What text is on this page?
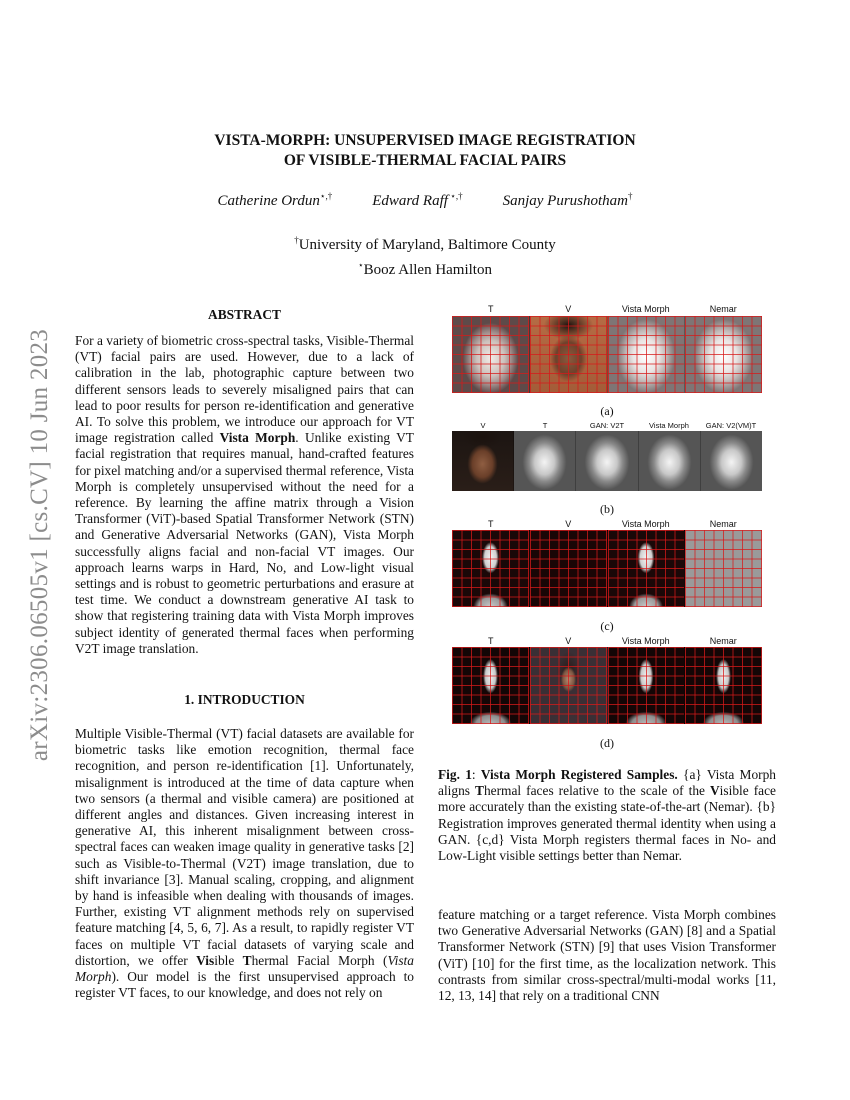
arXiv:2306.06505v1 [cs.CV] 10 Jun 2023
VISTA-MORPH: UNSUPERVISED IMAGE REGISTRATION
OF VISIBLE-THERMAL FACIAL PAIRS
Catherine Ordun⋆,†	Edward Raff ⋆,†	Sanjay Purushotham†
†University of Maryland, Baltimore County
⋆Booz Allen Hamilton
ABSTRACT

For a variety of biometric cross-spectral tasks, Visible-Thermal (VT) facial pairs are used. However, due to a lack of calibration in the lab, photographic capture between two different sensors leads to severely misaligned pairs that can lead to poor results for person re-identification and generative AI. To solve this problem, we introduce our approach for VT image registration called Vista Morph. Unlike existing VT facial registration that requires manual, hand-crafted features for pixel matching and/or a supervised thermal reference, Vista Morph is completely unsupervised without the need for a reference. By learning the affine matrix through a Vision Transformer (ViT)-based Spatial Transformer Network (STN) and Generative Adversarial Networks (GAN), Vista Morph successfully aligns facial and non-facial VT images. Our approach learns warps in Hard, No, and Low-light visual settings and is robust to geometric perturbations and erasure at test time. We conduct a downstream generative AI task to show that registering training data with Vista Morph improves subject identity of generated thermal faces when performing V2T image translation.

1. INTRODUCTION

Multiple Visible-Thermal (VT) facial datasets are available for biometric tasks like emotion recognition, thermal face recognition, and person re-identification [1]. Unfortunately, misalignment is introduced at the time of data capture when two sensors (a thermal and visible camera) are positioned at different angles and distances. Given increasing interest in generative AI, this inherent misalignment between cross-spectral faces can weaken image quality in generative tasks [2] such as Visible-to-Thermal (V2T) image translation, due to shift invariance [3]. Manual scaling, cropping, and alignment by hand is infeasible when dealing with thousands of images. Further, existing VT alignment methods rely on supervised feature matching [4, 5, 6, 7]. As a result, to rapidly register VT faces on multiple VT facial datasets of varying scale and distortion, we offer Visible Thermal Facial Morph (Vista Morph). Our model is the first unsupervised approach to register VT faces, to our knowledge, and does not rely on

T	V	Vista Morph	Nemar
(a)
V	T	GAN: V2T	Vista Morph	GAN: V2(VM)T
(b)
T	V	Vista Morph	Nemar
(c)
T	V	Vista Morph	Nemar
(d)

Fig. 1: Vista Morph Registered Samples. {a} Vista Morph aligns Thermal faces relative to the scale of the Visible face more accurately than the existing state-of-the-art (Nemar). {b} Registration improves generated thermal identity when using a GAN. {c,d} Vista Morph registers thermal faces in No- and Low-Light visible settings better than Nemar.

feature matching or a target reference. Vista Morph combines two Generative Adversarial Networks (GAN) [8] and a Spatial Transformer Network (STN) [9] that uses Vision Transformer (ViT) [10] for the first time, as the localization network. This contrasts from similar cross-spectral/multi-modal works [11, 12, 13, 14] that rely on a traditional CNN
